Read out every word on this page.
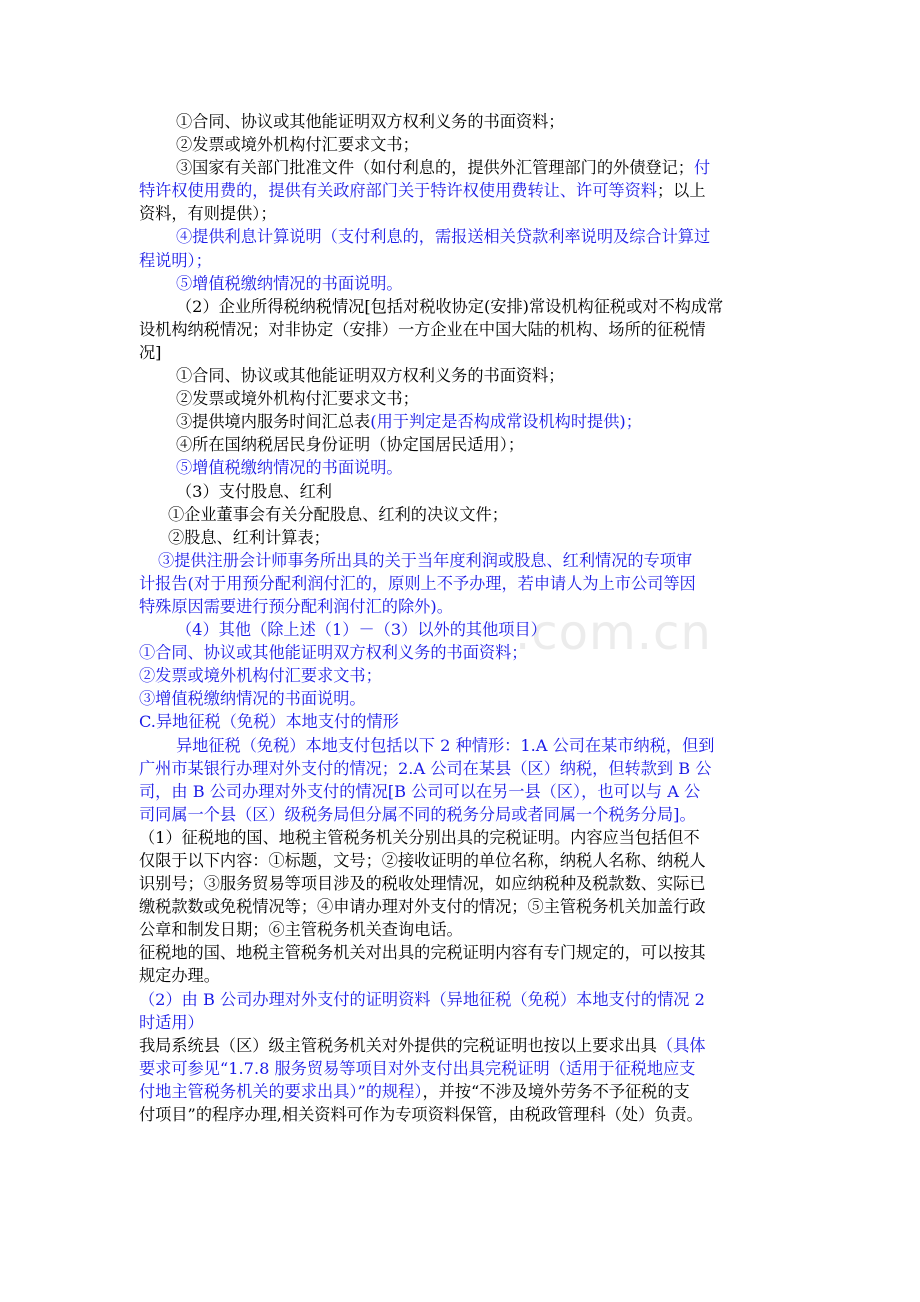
.com.cn
①合同、协议或其他能证明双方权利义务的书面资料；
②发票或境外机构付汇要求文书；
③国家有关部门批准文件（如付利息的，提供外汇管理部门的外债登记；付
特许权使用费的，提供有关政府部门关于特许权使用费转让、许可等资料；以上
资料，有则提供）；
④提供利息计算说明（支付利息的，需报送相关贷款利率说明及综合计算过
程说明）；
⑤增值税缴纳情况的书面说明。
（2）企业所得税纳税情况[包括对税收协定(安排)常设机构征税或对不构成常
设机构纳税情况；对非协定（安排）一方企业在中国大陆的机构、场所的征税情
况]
①合同、协议或其他能证明双方权利义务的书面资料；
②发票或境外机构付汇要求文书；
③提供境内服务时间汇总表(用于判定是否构成常设机构时提供)；
④所在国纳税居民身份证明（协定国居民适用）；
⑤增值税缴纳情况的书面说明。
（3）支付股息、红利
①企业董事会有关分配股息、红利的决议文件；
②股息、红利计算表；
③提供注册会计师事务所出具的关于当年度利润或股息、红利情况的专项审
计报告(对于用预分配利润付汇的，原则上不予办理，若申请人为上市公司等因
特殊原因需要进行预分配利润付汇的除外)。
（4）其他（除上述（1）－（3）以外的其他项目）
①合同、协议或其他能证明双方权利义务的书面资料；
②发票或境外机构付汇要求文书；
③增值税缴纳情况的书面说明。
C.异地征税（免税）本地支付的情形
异地征税（免税）本地支付包括以下 2 种情形：1.A 公司在某市纳税，但到
广州市某银行办理对外支付的情况；2.A 公司在某县（区）纳税，但转款到 B 公
司，由 B 公司办理对外支付的情况[B 公司可以在另一县（区），也可以与 A 公
司同属一个县（区）级税务局但分属不同的税务分局或者同属一个税务分局]。
（1）征税地的国、地税主管税务机关分别出具的完税证明。内容应当包括但不
仅限于以下内容：①标题，文号；②接收证明的单位名称，纳税人名称、纳税人
识别号；③服务贸易等项目涉及的税收处理情况，如应纳税种及税款数、实际已
缴税款数或免税情况等；④申请办理对外支付的情况；⑤主管税务机关加盖行政
公章和制发日期；⑥主管税务机关查询电话。
征税地的国、地税主管税务机关对出具的完税证明内容有专门规定的，可以按其
规定办理。
（2）由 B 公司办理对外支付的证明资料（异地征税（免税）本地支付的情况 2
时适用）
我局系统县（区）级主管税务机关对外提供的完税证明也按以上要求出具（具体
要求可参见“1.7.8 服务贸易等项目对外支付出具完税证明（适用于征税地应支
付地主管税务机关的要求出具）”的规程），并按“不涉及境外劳务不予征税的支
付项目”的程序办理,相关资料可作为专项资料保管，由税政管理科（处）负责。
